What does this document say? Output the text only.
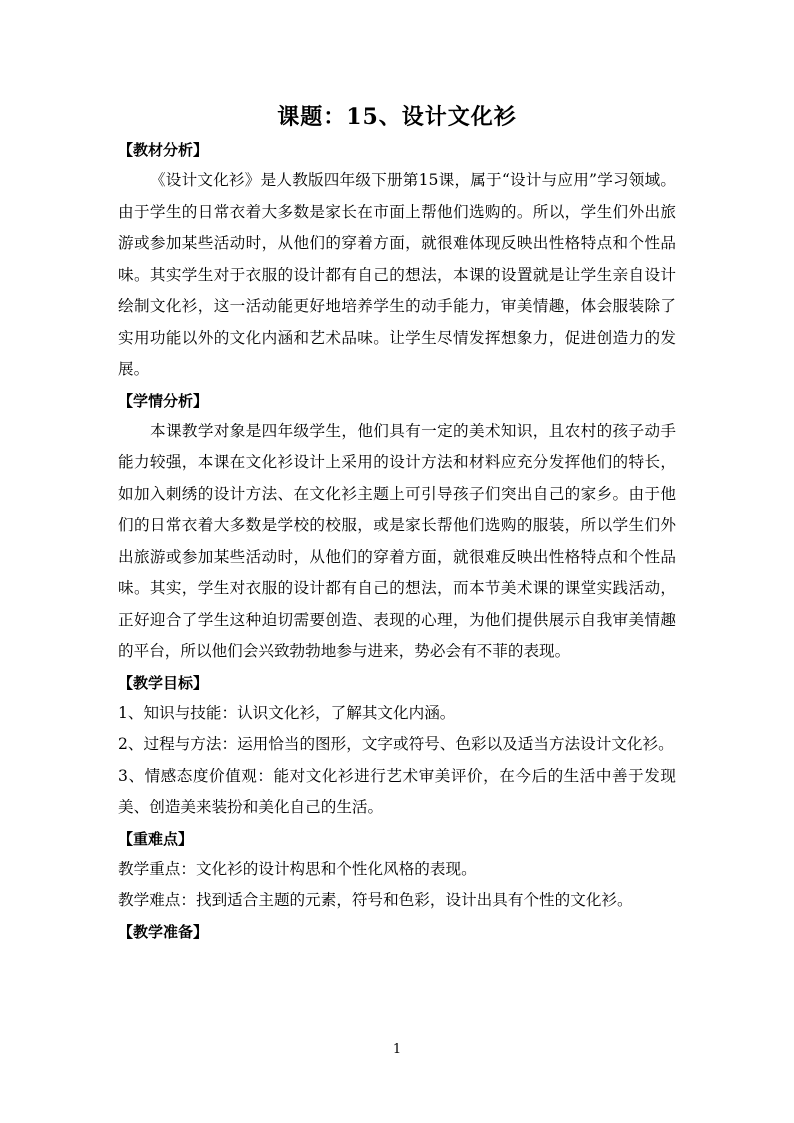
课题：15、设计文化衫
【教材分析】

《设计文化衫》是人教版四年级下册第15课，属于“设计与应用”学习领域。由于学生的日常衣着大多数是家长在市面上帮他们选购的。所以，学生们外出旅游或参加某些活动时，从他们的穿着方面，就很难体现反映出性格特点和个性品味。其实学生对于衣服的设计都有自己的想法，本课的设置就是让学生亲自设计绘制文化衫，这一活动能更好地培养学生的动手能力，审美情趣，体会服装除了实用功能以外的文化内涵和艺术品味。让学生尽情发挥想象力，促进创造力的发展。

【学情分析】

本课教学对象是四年级学生，他们具有一定的美术知识，且农村的孩子动手能力较强，本课在文化衫设计上采用的设计方法和材料应充分发挥他们的特长，如加入刺绣的设计方法、在文化衫主题上可引导孩子们突出自己的家乡。由于他们的日常衣着大多数是学校的校服，或是家长帮他们选购的服装，所以学生们外出旅游或参加某些活动时，从他们的穿着方面，就很难反映出性格特点和个性品味。其实，学生对衣服的设计都有自己的想法，而本节美术课的课堂实践活动，正好迎合了学生这种迫切需要创造、表现的心理，为他们提供展示自我审美情趣的平台，所以他们会兴致勃勃地参与进来，势必会有不菲的表现。

【教学目标】

1、知识与技能：认识文化衫，了解其文化内涵。

2、过程与方法：运用恰当的图形，文字或符号、色彩以及适当方法设计文化衫。

3、情感态度价值观：能对文化衫进行艺术审美评价，在今后的生活中善于发现美、创造美来装扮和美化自己的生活。

【重难点】

教学重点：文化衫的设计构思和个性化风格的表现。

教学难点：找到适合主题的元素，符号和色彩，设计出具有个性的文化衫。

【教学准备】
1
